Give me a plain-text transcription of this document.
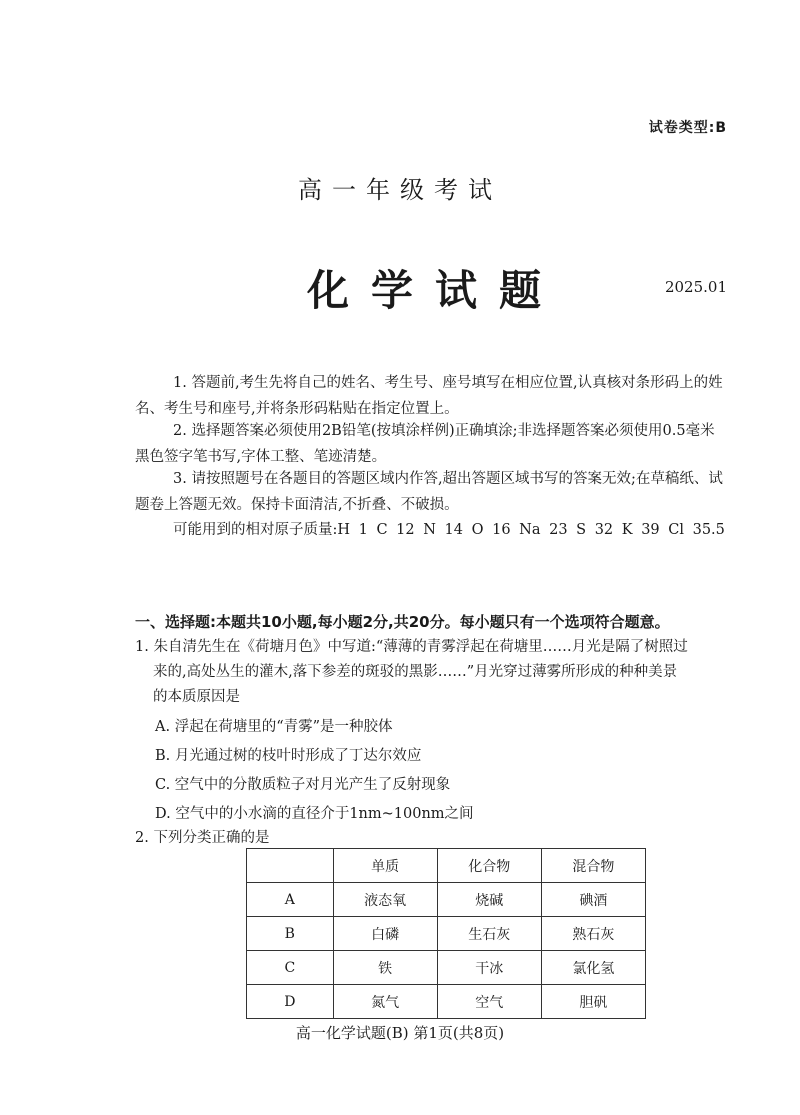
试卷类型:B
高一年级考试
化学试题	2025.01
1. 答题前,考生先将自己的姓名、考生号、座号填写在相应位置,认真核对条形码上的姓名、考生号和座号,并将条形码粘贴在指定位置上。
2. 选择题答案必须使用2B铅笔(按填涂样例)正确填涂;非选择题答案必须使用0.5毫米黑色签字笔书写,字体工整、笔迹清楚。
3. 请按照题号在各题目的答题区域内作答,超出答题区域书写的答案无效;在草稿纸、试题卷上答题无效。保持卡面清洁,不折叠、不破损。
可能用到的相对原子质量:H 1 C 12 N 14 O 16 Na 23 S 32 K 39 Cl 35.5
一、选择题:本题共10小题,每小题2分,共20分。每小题只有一个选项符合题意。
1. 朱自清先生在《荷塘月色》中写道:“薄薄的青雾浮起在荷塘里……月光是隔了树照过
来的,高处丛生的灌木,落下参差的斑驳的黑影……”月光穿过薄雾所形成的种种美景
的本质原因是
A. 浮起在荷塘里的“青雾”是一种胶体
B. 月光通过树的枝叶时形成了丁达尔效应
C. 空气中的分散质粒子对月光产生了反射现象
D. 空气中的小水滴的直径介于1nm~100nm之间
2. 下列分类正确的是
	单质	化合物	混合物
A	液态氧	烧碱	碘酒
B	白磷	生石灰	熟石灰
C	铁	干冰	氯化氢
D	氮气	空气	胆矾
高一化学试题(B) 第1页(共8页)
